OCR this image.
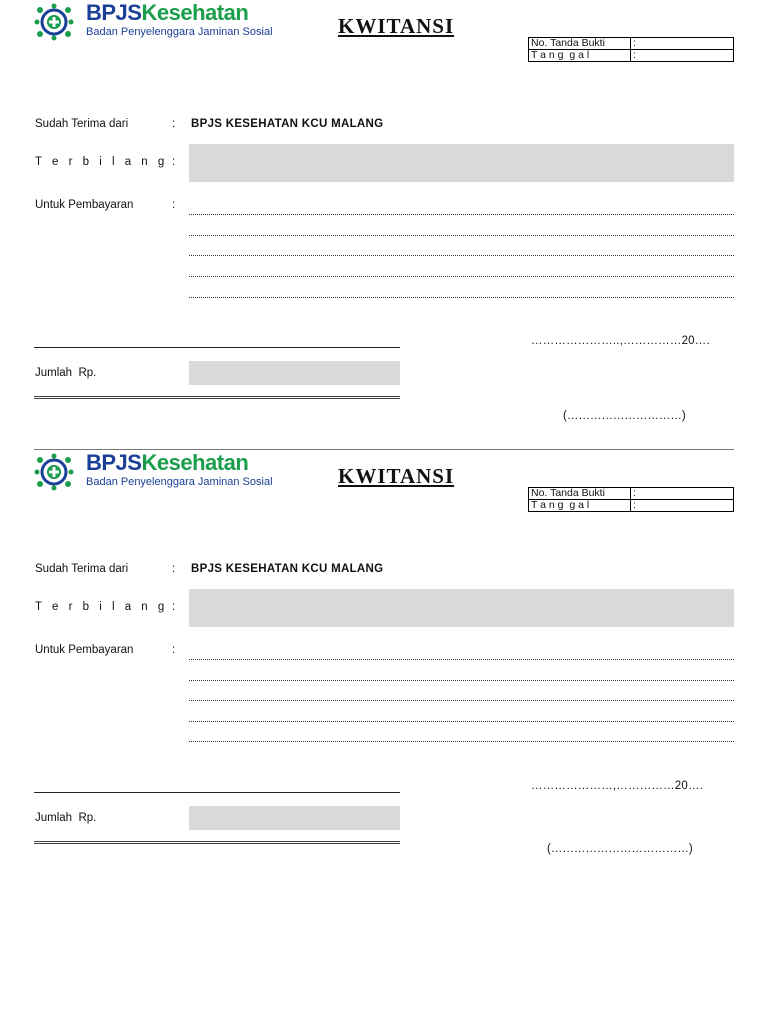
BPJSKesehatan
Badan Penyelenggara Jaminan Sosial	KWITANSI
No. Tanda Bukti	:
T a n g  g a l	:
Sudah Terima dari	: BPJS KESEHATAN KCU MALANG
T e r b i l a n g :
Untuk Pembayaran	:
…………………..,……………20….
Jumlah  Rp.
(…………………………)
BPJSKesehatan
Badan Penyelenggara Jaminan Sosial	KWITANSI
No. Tanda Bukti	:
T a n g  g a l	:
Sudah Terima dari	: BPJS KESEHATAN KCU MALANG
T e r b i l a n g :
Untuk Pembayaran	:
…………………,……………20….
Jumlah  Rp.
(………………………………)
